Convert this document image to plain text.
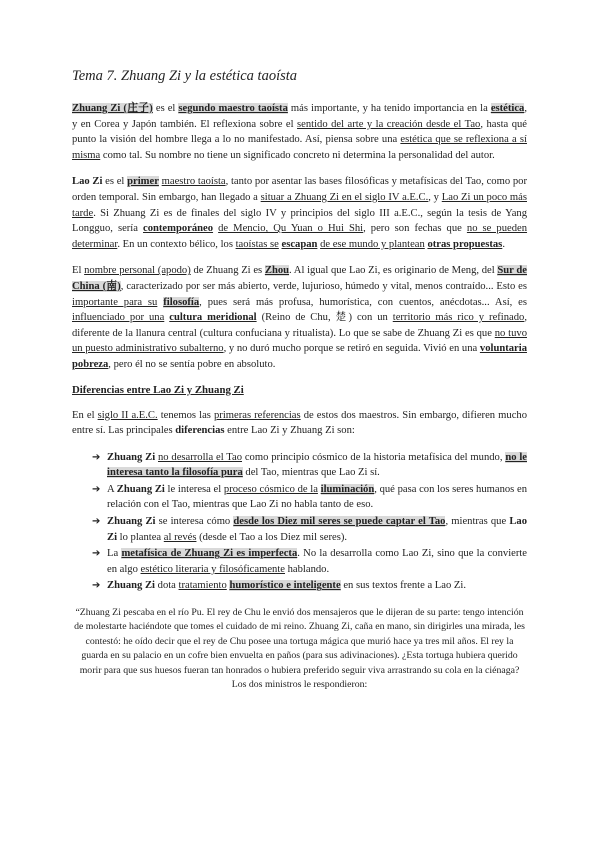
Tema 7. Zhuang Zi y la estética taoísta

Zhuang Zi (庄子) es el segundo maestro taoísta más importante, y ha tenido importancia en la estética, y en Corea y Japón también. El reflexiona sobre el sentido del arte y la creación desde el Tao, hasta qué punto la visión del hombre llega a lo no manifestado. Así, piensa sobre una estética que se reflexiona a sí misma como tal. Su nombre no tiene un significado concreto ni determina la personalidad del autor.

Lao Zi es el primer maestro taoísta, tanto por asentar las bases filosóficas y metafísicas del Tao, como por orden temporal. Sin embargo, han llegado a situar a Zhuang Zi en el siglo IV a.E.C., y Lao Zi un poco más tarde. Si Zhuang Zi es de finales del siglo IV y principios del siglo III a.E.C., según la tesis de Yang Longguo, sería contemporáneo de Mencio, Qu Yuan o Hui Shi, pero son fechas que no se pueden determinar. En un contexto bélico, los taoístas se escapan de ese mundo y plantean otras propuestas.

El nombre personal (apodo) de Zhuang Zi es Zhou. Al igual que Lao Zi, es originario de Meng, del Sur de China (南), caracterizado por ser más abierto, verde, lujurioso, húmedo y vital, menos contraído... Esto es importante para su filosofía, pues será más profusa, humorística, con cuentos, anécdotas... Así, es influenciado por una cultura meridional (Reino de Chu, 楚) con un territorio más rico y refinado, diferente de la llanura central (cultura confuciana y ritualista). Lo que se sabe de Zhuang Zi es que no tuvo un puesto administrativo subalterno, y no duró mucho porque se retiró en seguida. Vivió en una voluntaria pobreza, pero él no se sentía pobre en absoluto.

Diferencias entre Lao Zi y Zhuang Zi

En el siglo II a.E.C. tenemos las primeras referencias de estos dos maestros. Sin embargo, difieren mucho entre sí. Las principales diferencias entre Lao Zi y Zhuang Zi son:

➔ Zhuang Zi no desarrolla el Tao como principio cósmico de la historia metafísica del mundo, no le interesa tanto la filosofía pura del Tao, mientras que Lao Zi sí.
➔ A Zhuang Zi le interesa el proceso cósmico de la iluminación, qué pasa con los seres humanos en relación con el Tao, mientras que Lao Zi no habla tanto de eso.
➔ Zhuang Zi se interesa cómo desde los Diez mil seres se puede captar el Tao, mientras que Lao Zi lo plantea al revés (desde el Tao a los Diez mil seres).
➔ La metafísica de Zhuang Zi es imperfecta. No la desarrolla como Lao Zi, sino que la convierte en algo estético literaria y filosóficamente hablando.
➔ Zhuang Zi dota tratamiento humorístico e inteligente en sus textos frente a Lao Zi.
“Zhuang Zi pescaba en el río Pu. El rey de Chu le envió dos mensajeros que le dijeran de su parte: tengo intención de molestarte haciéndote que tomes el cuidado de mi reino. Zhuang Zi, caña en mano, sin dirigirles una mirada, les contestó: he oído decir que el rey de Chu posee una tortuga mágica que murió hace ya tres mil años. El rey la guarda en su palacio en un cofre bien envuelta en paños (para sus adivinaciones). ¿Esta tortuga hubiera querido morir para que sus huesos fueran tan honrados o hubiera preferido seguir viva arrastrando su cola en la ciénaga? Los dos ministros le respondieron:
